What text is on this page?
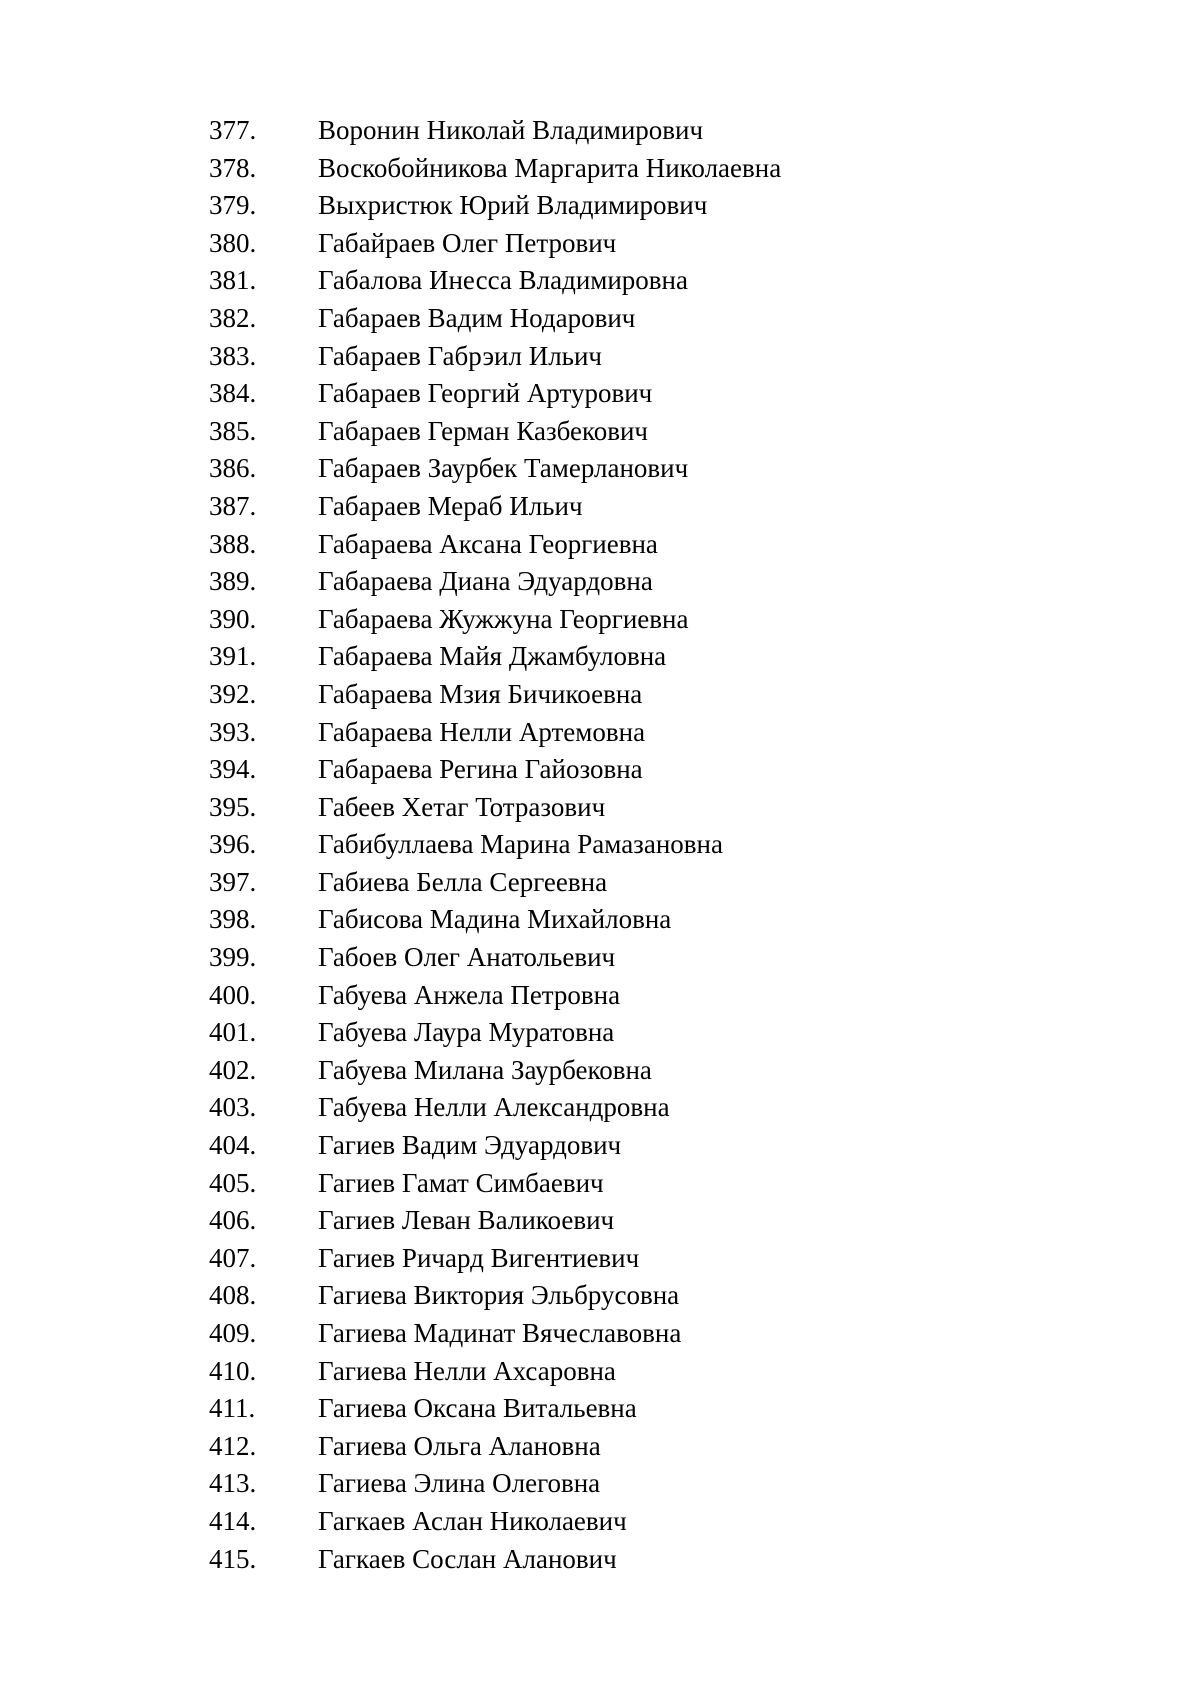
377. Воронин Николай Владимирович
378. Воскобойникова Маргарита Николаевна
379. Выхристюк Юрий Владимирович
380. Габайраев Олег Петрович
381. Габалова Инесса Владимировна
382. Габараев Вадим Нодарович
383. Габараев Габрэил Ильич
384. Габараев Георгий Артурович
385. Габараев Герман Казбекович
386. Габараев Заурбек Тамерланович
387. Габараев Мераб Ильич
388. Габараева Аксана Георгиевна
389. Габараева Диана Эдуардовна
390. Габараева Жужжуна Георгиевна
391. Габараева Майя Джамбуловна
392. Габараева Мзия Бичикоевна
393. Габараева Нелли Артемовна
394. Габараева Регина Гайозовна
395. Габеев Хетаг Тотразович
396. Габибуллаева Марина Рамазановна
397. Габиева Белла Сергеевна
398. Габисова Мадина Михайловна
399. Габоев Олег Анатольевич
400. Габуева Анжела Петровна
401. Габуева Лаура Муратовна
402. Габуева Милана Заурбековна
403. Габуева Нелли Александровна
404. Гагиев Вадим Эдуардович
405. Гагиев Гамат Симбаевич
406. Гагиев Леван Валикоевич
407. Гагиев Ричард Вигентиевич
408. Гагиева Виктория Эльбрусовна
409. Гагиева Мадинат Вячеславовна
410. Гагиева Нелли Ахсаровна
411. Гагиева Оксана Витальевна
412. Гагиева Ольга Алановна
413. Гагиева Элина Олеговна
414. Гагкаев Аслан Николаевич
415. Гагкаев Сослан Аланович
